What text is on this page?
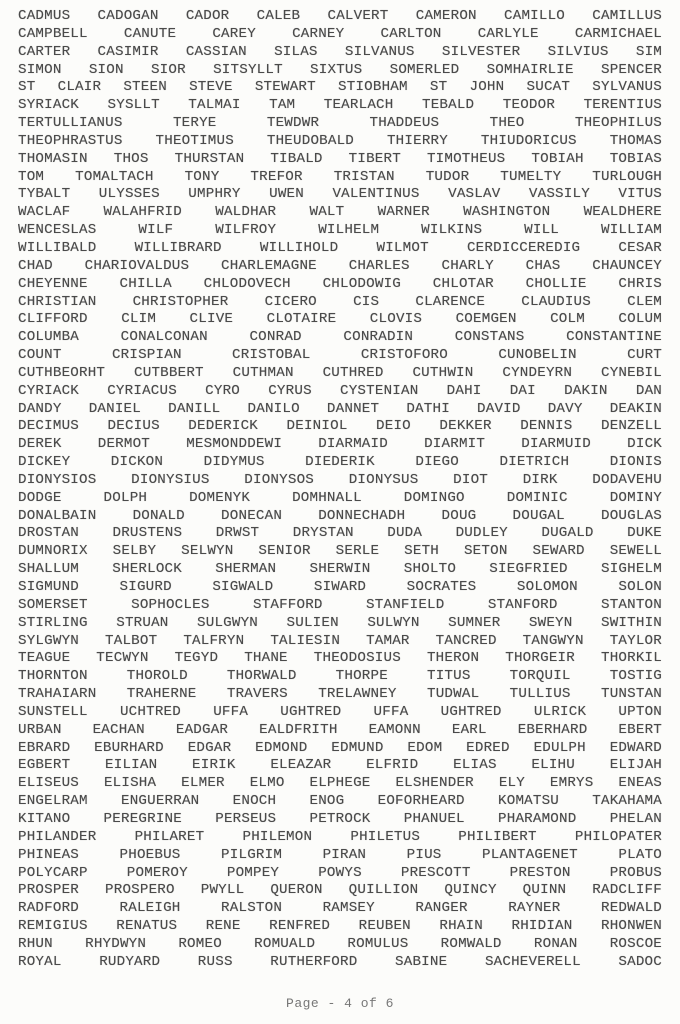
CADMUS CADOGAN CADOR CALEB CALVERT CAMERON CAMILLO CAMILLUS
CAMPBELL CANUTE CAREY CARNEY CARLTON CARLYLE CARMICHAEL
CARTER CASIMIR CASSIAN SILAS SILVANUS SILVESTER SILVIUS SIM
SIMON SION SIOR SITSYLLT SIXTUS SOMERLED SOMHAIRLIE SPENCER
ST CLAIR STEEN STEVE STEWART STIOBHAM ST JOHN SUCAT SYLVANUS
SYRIACK SYSLLT TALMAI TAM TEARLACH TEBALD TEODOR TERENTIUS
TERTULLIANUS TERYE TEWDWR THADDEUS THEO THEOPHILUS
THEOPHRASTUS THEOTIMUS THEUDOBALD THIERRY THIUDORICUS THOMAS
THOMASIN THOS THURSTAN TIBALD TIBERT TIMOTHEUS TOBIAH TOBIAS
TOM TOMALTACH TONY TREFOR TRISTAN TUDOR TUMELTY TURLOUGH
TYBALT ULYSSES UMPHRY UWEN VALENTINUS VASLAV VASSILY VITUS
WACLAF WALAHFRID WALDHAR WALT WARNER WASHINGTON WEALDHERE
WENCESLAS WILF WILFROY WILHELM WILKINS WILL WILLIAM
WILLIBALD WILLIBRARD WILLIHOLD WILMOT CERDICCEREDIG CESAR
CHAD CHARIOVALDUS CHARLEMAGNE CHARLES CHARLY CHAS CHAUNCEY
CHEYENNE CHILLA CHLODOVECH CHLODOWIG CHLOTAR CHOLLIE CHRIS
CHRISTIAN CHRISTOPHER CICERO CIS CLARENCE CLAUDIUS CLEM
CLIFFORD CLIM CLIVE CLOTAIRE CLOVIS COEMGEN COLM COLUM
COLUMBA CONALCONAN CONRAD CONRADIN CONSTANS CONSTANTINE
COUNT CRISPIAN CRISTOBAL CRISTOFORO CUNOBELIN CURT
CUTHBEORHT CUTBBERT CUTHMAN CUTHRED CUTHWIN CYNDEYRN CYNEBIL
CYRIACK CYRIACUS CYRO CYRUS CYSTENIAN DAHI DAI DAKIN DAN
DANDY DANIEL DANILL DANILO DANNET DATHI DAVID DAVY DEAKIN
DECIMUS DECIUS DEDERICK DEINIOL DEIO DEKKER DENNIS DENZELL
DEREK DERMOT MESMONDDEWI DIARMAID DIARMIT DIARMUID DICK
DICKEY DICKON DIDYMUS DIEDERIK DIEGO DIETRICH DIONIS
DIONYSIOS DIONYSIUS DIONYSOS DIONYSUS DIOT DIRK DODAVEHU
DODGE DOLPH DOMENYK DOMHNALL DOMINGO DOMINIC DOMINY
DONALBAIN DONALD DONECAN DONNECHADH DOUG DOUGAL DOUGLAS
DROSTAN DRUSTENS DRWST DRYSTAN DUDA DUDLEY DUGALD DUKE
DUMNORIX SELBY SELWYN SENIOR SERLE SETH SETON SEWARD SEWELL
SHALLUM SHERLOCK SHERMAN SHERWIN SHOLTO SIEGFRIED SIGHELM
SIGMUND SIGURD SIGWALD SIWARD SOCRATES SOLOMON SOLON
SOMERSET SOPHOCLES STAFFORD STANFIELD STANFORD STANTON
STIRLING STRUAN SULGWYN SULIEN SULWYN SUMNER SWEYN SWITHIN
SYLGWYN TALBOT TALFRYN TALIESIN TAMAR TANCRED TANGWYN TAYLOR
TEAGUE TECWYN TEGYD THANE THEODOSIUS THERON THORGEIR THORKIL
THORNTON THOROLD THORWALD THORPE TITUS TORQUIL TOSTIG
TRAHAIARN TRAHERNE TRAVERS TRELAWNEY TUDWAL TULLIUS TUNSTAN
SUNSTELL UCHTRED UFFA UGHTRED UFFA UGHTRED ULRICK UPTON
URBAN EACHAN EADGAR EALDFRITH EAMONN EARL EBERHARD EBERT
EBRARD EBURHARD EDGAR EDMOND EDMUND EDOM EDRED EDULPH EDWARD
EGBERT EILIAN EIRIK ELEAZAR ELFRID ELIAS ELIHU ELIJAH
ELISEUS ELISHA ELMER ELMO ELPHEGE ELSHENDER ELY EMRYS ENEAS
ENGELRAM ENGUERRAN ENOCH ENOG EOFORHEARD KOMATSU TAKAHAMA
KITANO PEREGRINE PERSEUS PETROCK PHANUEL PHARAMOND PHELAN
PHILANDER PHILARET PHILEMON PHILETUS PHILIBERT PHILOPATER
PHINEAS PHOEBUS PILGRIM PIRAN PIUS PLANTAGENET PLATO
POLYCARP POMEROY POMPEY POWYS PRESCOTT PRESTON PROBUS
PROSPER PROSPERO PWYLL QUERON QUILLION QUINCY QUINN RADCLIFF
RADFORD RALEIGH RALSTON RAMSEY RANGER RAYNER REDWALD
REMIGIUS RENATUS RENE RENFRED REUBEN RHAIN RHIDIAN RHONWEN
RHUN RHYDWYN ROMEO ROMUALD ROMULUS ROMWALD RONAN ROSCOE
ROYAL RUDYARD RUSS RUTHERFORD SABINE SACHEVERELL SADOC
Page - 4 of 6
